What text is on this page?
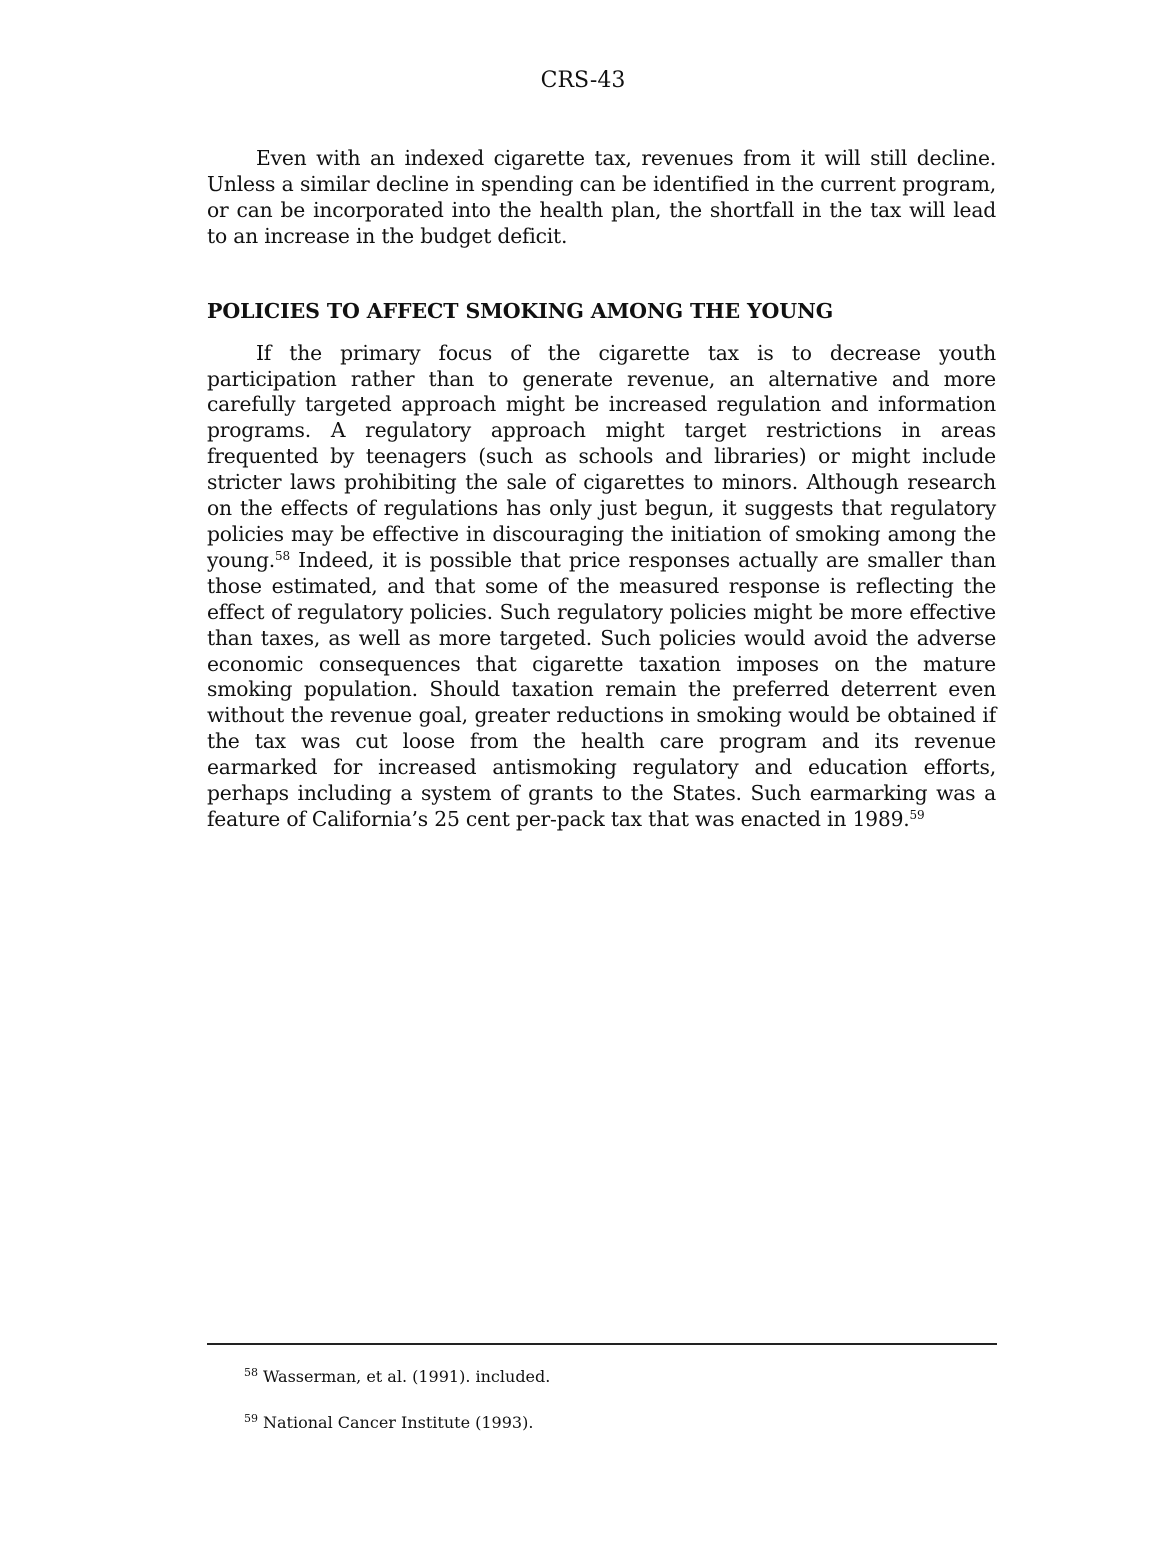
CRS-43

Even with an indexed cigarette tax, revenues from it will still decline. Unless a similar decline in spending can be identified in the current program, or can be incorporated into the health plan, the shortfall in the tax will lead to an increase in the budget deficit.

POLICIES TO AFFECT SMOKING AMONG THE YOUNG

If the primary focus of the cigarette tax is to decrease youth participation rather than to generate revenue, an alternative and more carefully targeted approach might be increased regulation and information programs. A regulatory approach might target restrictions in areas frequented by teenagers (such as schools and libraries) or might include stricter laws prohibiting the sale of cigarettes to minors. Although research on the effects of regulations has only just begun, it suggests that regulatory policies may be effective in discouraging the initiation of smoking among the young.$^{58}$ Indeed, it is possible that price responses actually are smaller than those estimated, and that some of the measured response is reflecting the effect of regulatory policies. Such regulatory policies might be more effective than taxes, as well as more targeted. Such policies would avoid the adverse economic consequences that cigarette taxation imposes on the mature smoking population. Should taxation remain the preferred deterrent even without the revenue goal, greater reductions in smoking would be obtained if the tax was cut loose from the health care program and its revenue earmarked for increased antismoking regulatory and education efforts, perhaps including a system of grants to the States. Such earmarking was a feature of California’s 25 cent per-pack tax that was enacted in 1989.59

$^{58}$ Wasserman, et al. (1991). included.

$^{59}$ National Cancer Institute (1993).
